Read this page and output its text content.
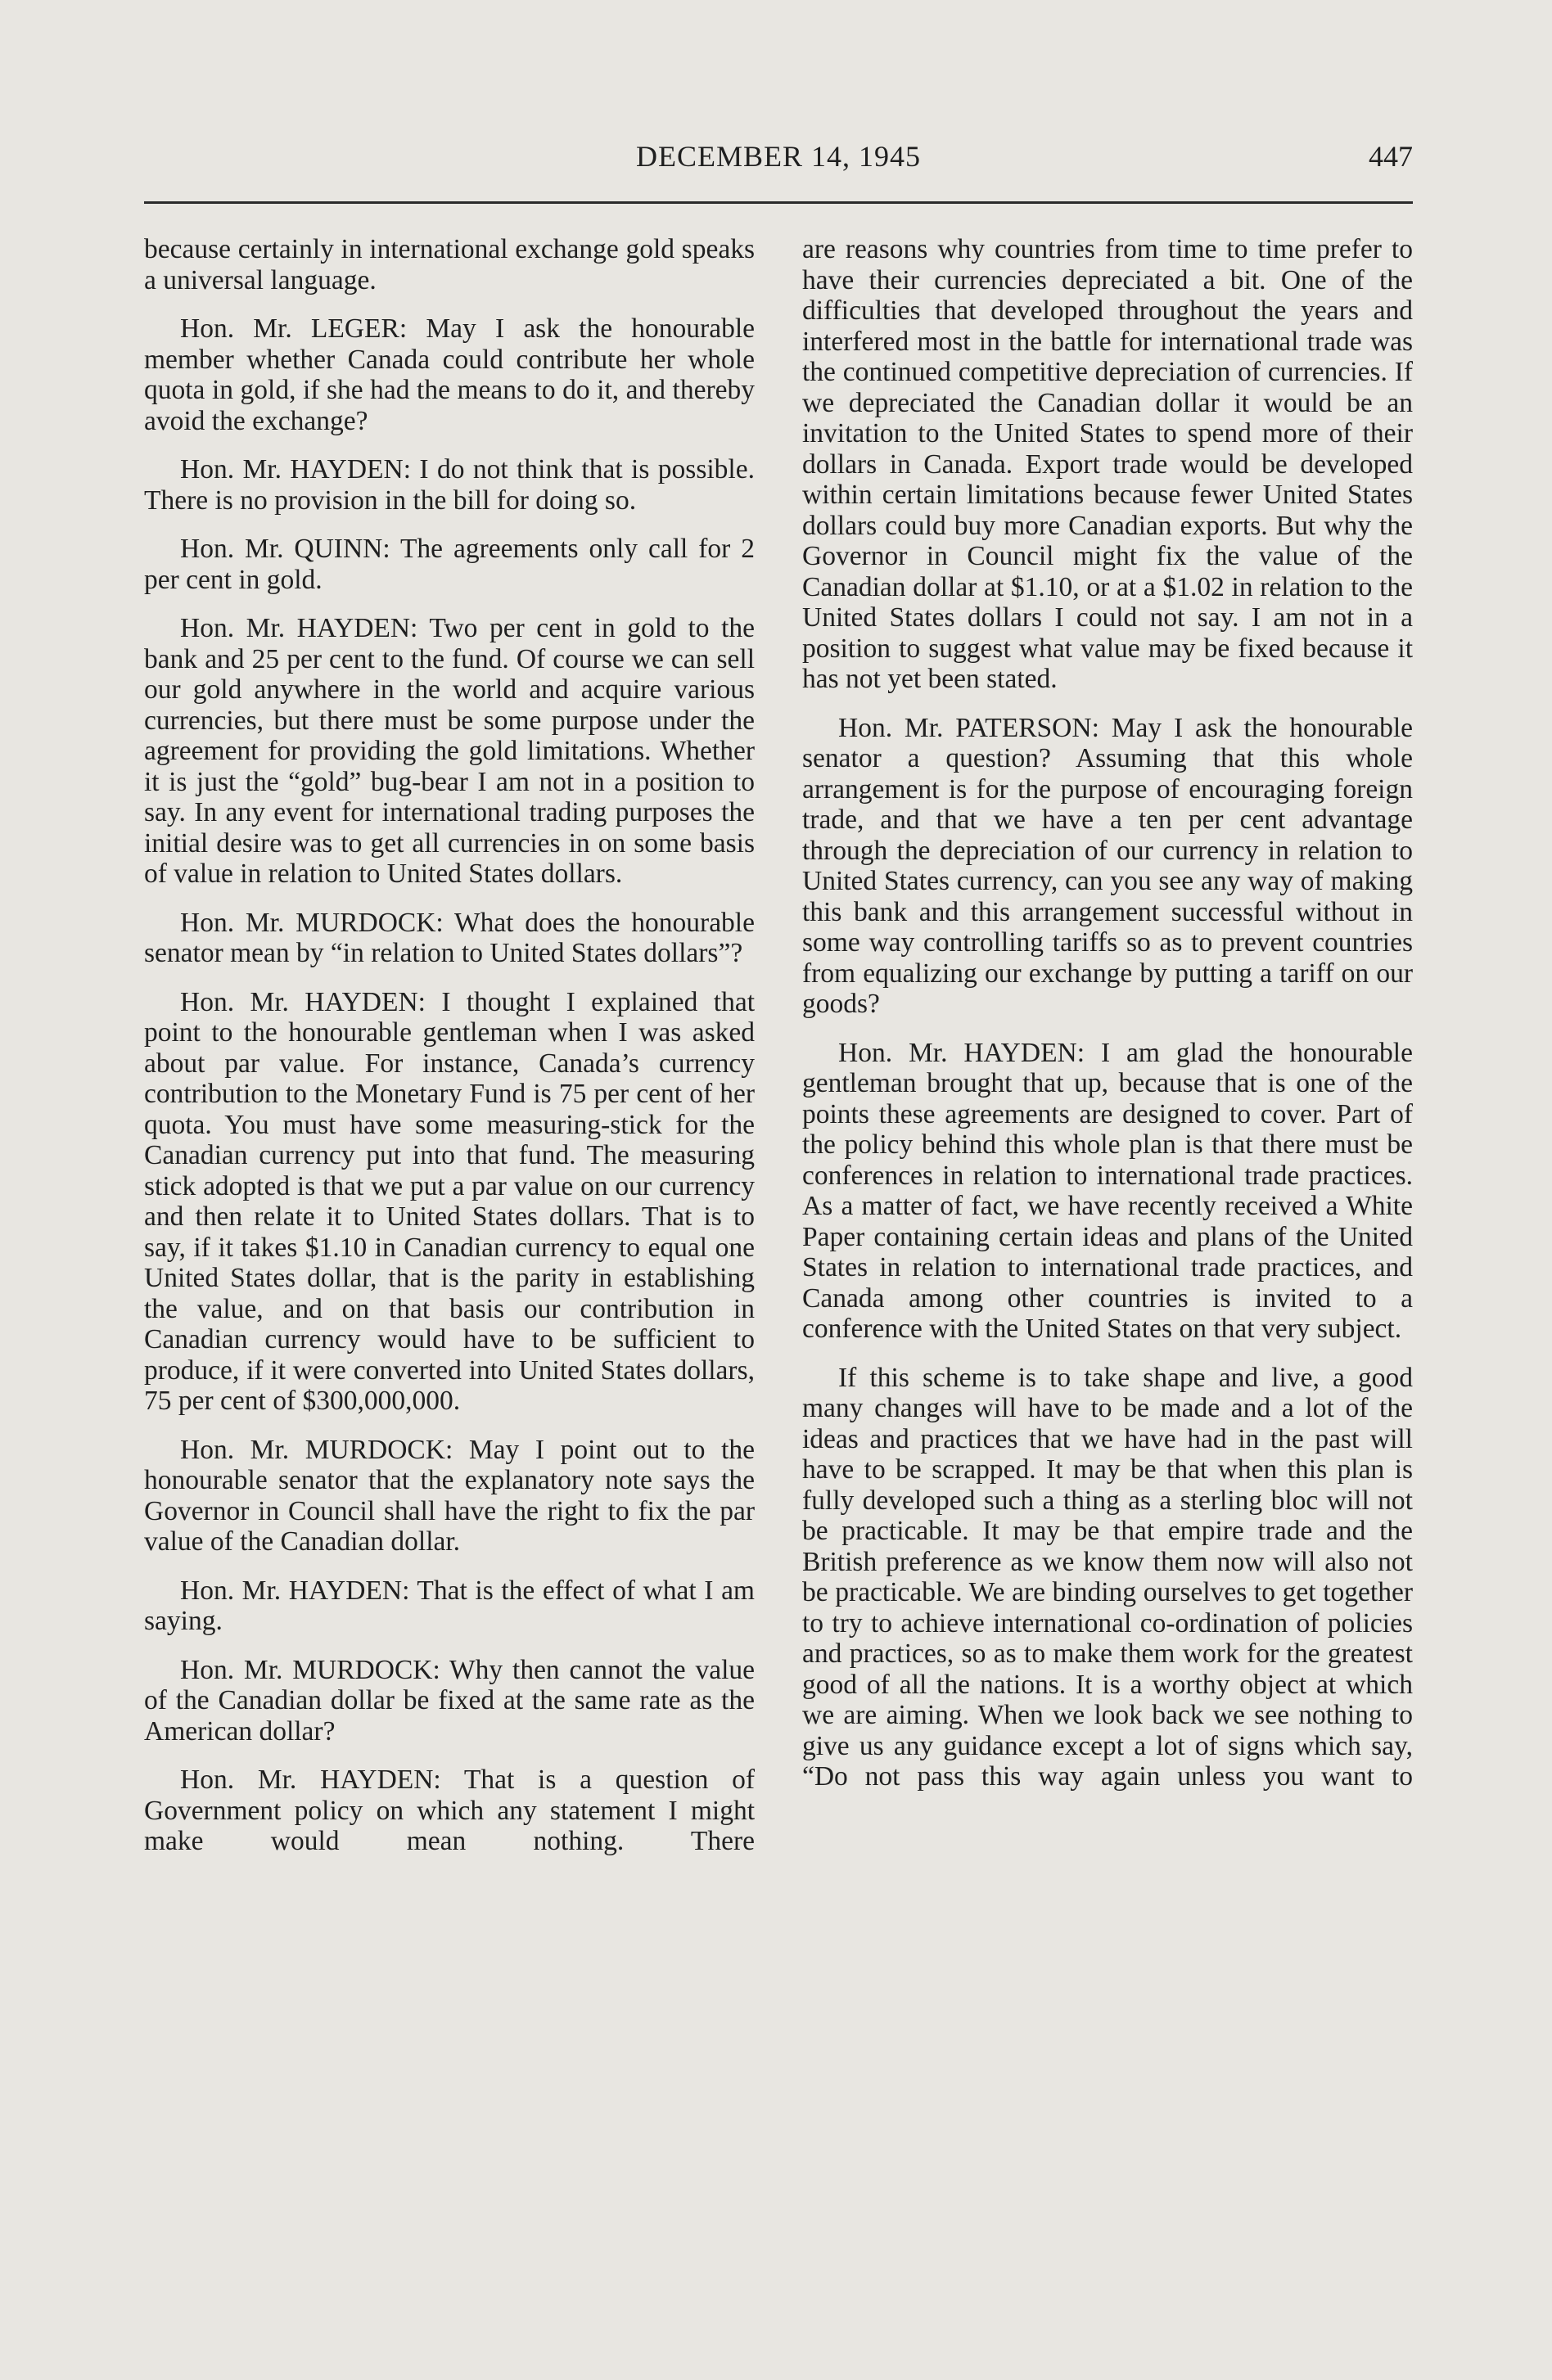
DECEMBER 14, 1945	447

because certainly in international exchange gold speaks a universal language.

Hon. Mr. LEGER: May I ask the honourable member whether Canada could contribute her whole quota in gold, if she had the means to do it, and thereby avoid the exchange?

Hon. Mr. HAYDEN: I do not think that is possible. There is no provision in the bill for doing so.

Hon. Mr. QUINN: The agreements only call for 2 per cent in gold.

Hon. Mr. HAYDEN: Two per cent in gold to the bank and 25 per cent to the fund. Of course we can sell our gold anywhere in the world and acquire various currencies, but there must be some purpose under the agreement for providing the gold limitations. Whether it is just the “gold” bug-bear I am not in a position to say. In any event for international trading purposes the initial desire was to get all currencies in on some basis of value in relation to United States dollars.

Hon. Mr. MURDOCK: What does the honourable senator mean by “in relation to United States dollars”?

Hon. Mr. HAYDEN: I thought I explained that point to the honourable gentleman when I was asked about par value. For instance, Canada’s currency contribution to the Monetary Fund is 75 per cent of her quota. You must have some measuring-stick for the Canadian currency put into that fund. The measuring stick adopted is that we put a par value on our currency and then relate it to United States dollars. That is to say, if it takes $1.10 in Canadian currency to equal one United States dollar, that is the parity in establishing the value, and on that basis our contribution in Canadian currency would have to be sufficient to produce, if it were converted into United States dollars, 75 per cent of $300,000,000.

Hon. Mr. MURDOCK: May I point out to the honourable senator that the explanatory note says the Governor in Council shall have the right to fix the par value of the Canadian dollar.

Hon. Mr. HAYDEN: That is the effect of what I am saying.

Hon. Mr. MURDOCK: Why then cannot the value of the Canadian dollar be fixed at the same rate as the American dollar?

Hon. Mr. HAYDEN: That is a question of Government policy on which any statement I might make would mean nothing. There

are reasons why countries from time to time prefer to have their currencies depreciated a bit. One of the difficulties that developed throughout the years and interfered most in the battle for international trade was the continued competitive depreciation of currencies. If we depreciated the Canadian dollar it would be an invitation to the United States to spend more of their dollars in Canada. Export trade would be developed within certain limitations because fewer United States dollars could buy more Canadian exports. But why the Governor in Council might fix the value of the Canadian dollar at $1.10, or at a $1.02 in relation to the United States dollars I could not say. I am not in a position to suggest what value may be fixed because it has not yet been stated.

Hon. Mr. PATERSON: May I ask the honourable senator a question? Assuming that this whole arrangement is for the purpose of encouraging foreign trade, and that we have a ten per cent advantage through the depreciation of our currency in relation to United States currency, can you see any way of making this bank and this arrangement successful without in some way controlling tariffs so as to prevent countries from equalizing our exchange by putting a tariff on our goods?

Hon. Mr. HAYDEN: I am glad the honourable gentleman brought that up, because that is one of the points these agreements are designed to cover. Part of the policy behind this whole plan is that there must be conferences in relation to international trade practices. As a matter of fact, we have recently received a White Paper containing certain ideas and plans of the United States in relation to international trade practices, and Canada among other countries is invited to a conference with the United States on that very subject.

If this scheme is to take shape and live, a good many changes will have to be made and a lot of the ideas and practices that we have had in the past will have to be scrapped. It may be that when this plan is fully developed such a thing as a sterling bloc will not be practicable. It may be that empire trade and the British preference as we know them now will also not be practicable. We are binding ourselves to get together to try to achieve international co-ordination of policies and practices, so as to make them work for the greatest good of all the nations. It is a worthy object at which we are aiming. When we look back we see nothing to give us any guidance except a lot of signs which say, “Do not pass this way again unless you want to
